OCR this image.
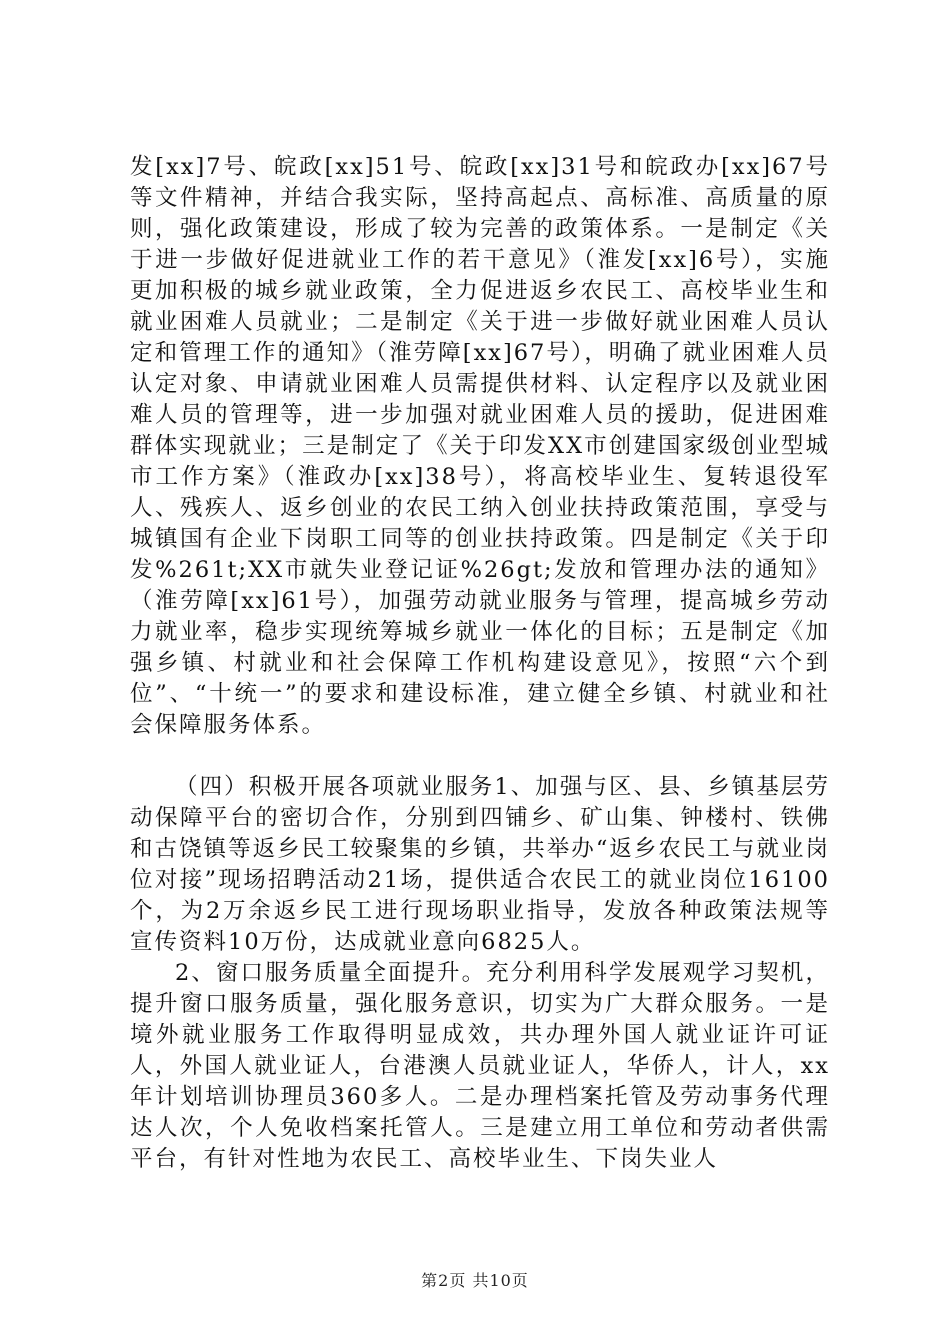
发[xx]7号、皖政[xx]51号、皖政[xx]31号和皖政办[xx]67号等文件精神，并结合我实际，坚持高起点、高标准、高质量的原则，强化政策建设，形成了较为完善的政策体系。一是制定《关于进一步做好促进就业工作的若干意见》（淮发[xx]6号），实施更加积极的城乡就业政策，全力促进返乡农民工、高校毕业生和就业困难人员就业；二是制定《关于进一步做好就业困难人员认定和管理工作的通知》（淮劳障[xx]67号），明确了就业困难人员认定对象、申请就业困难人员需提供材料、认定程序以及就业困难人员的管理等，进一步加强对就业困难人员的援助，促进困难群体实现就业；三是制定了《关于印发XX市创建国家级创业型城市工作方案》（淮政办[xx]38号），将高校毕业生、复转退役军人、残疾人、返乡创业的农民工纳入创业扶持政策范围，享受与城镇国有企业下岗职工同等的创业扶持政策。四是制定《关于印发%261t;XX市就失业登记证%26gt;发放和管理办法的通知》（淮劳障[xx]61号），加强劳动就业服务与管理，提高城乡劳动力就业率，稳步实现统筹城乡就业一体化的目标；五是制定《加强乡镇、村就业和社会保障工作机构建设意见》，按照“六个到位”、“十统一”的要求和建设标准，建立健全乡镇、村就业和社会保障服务体系。

（四）积极开展各项就业服务1、加强与区、县、乡镇基层劳动保障平台的密切合作，分别到四铺乡、矿山集、钟楼村、铁佛和古饶镇等返乡民工较聚集的乡镇，共举办“返乡农民工与就业岗位对接”现场招聘活动21场，提供适合农民工的就业岗位16100个，为2万余返乡民工进行现场职业指导，发放各种政策法规等宣传资料10万份，达成就业意向6825人。

2、窗口服务质量全面提升。充分利用科学发展观学习契机，提升窗口服务质量，强化服务意识，切实为广大群众服务。一是境外就业服务工作取得明显成效，共办理外国人就业证许可证人，外国人就业证人，台港澳人员就业证人，华侨人，计人，xx年计划培训协理员360多人。二是办理档案托管及劳动事务代理达人次，个人免收档案托管人。三是建立用工单位和劳动者供需平台，有针对性地为农民工、高校毕业生、下岗失业人

第2页 共10页
